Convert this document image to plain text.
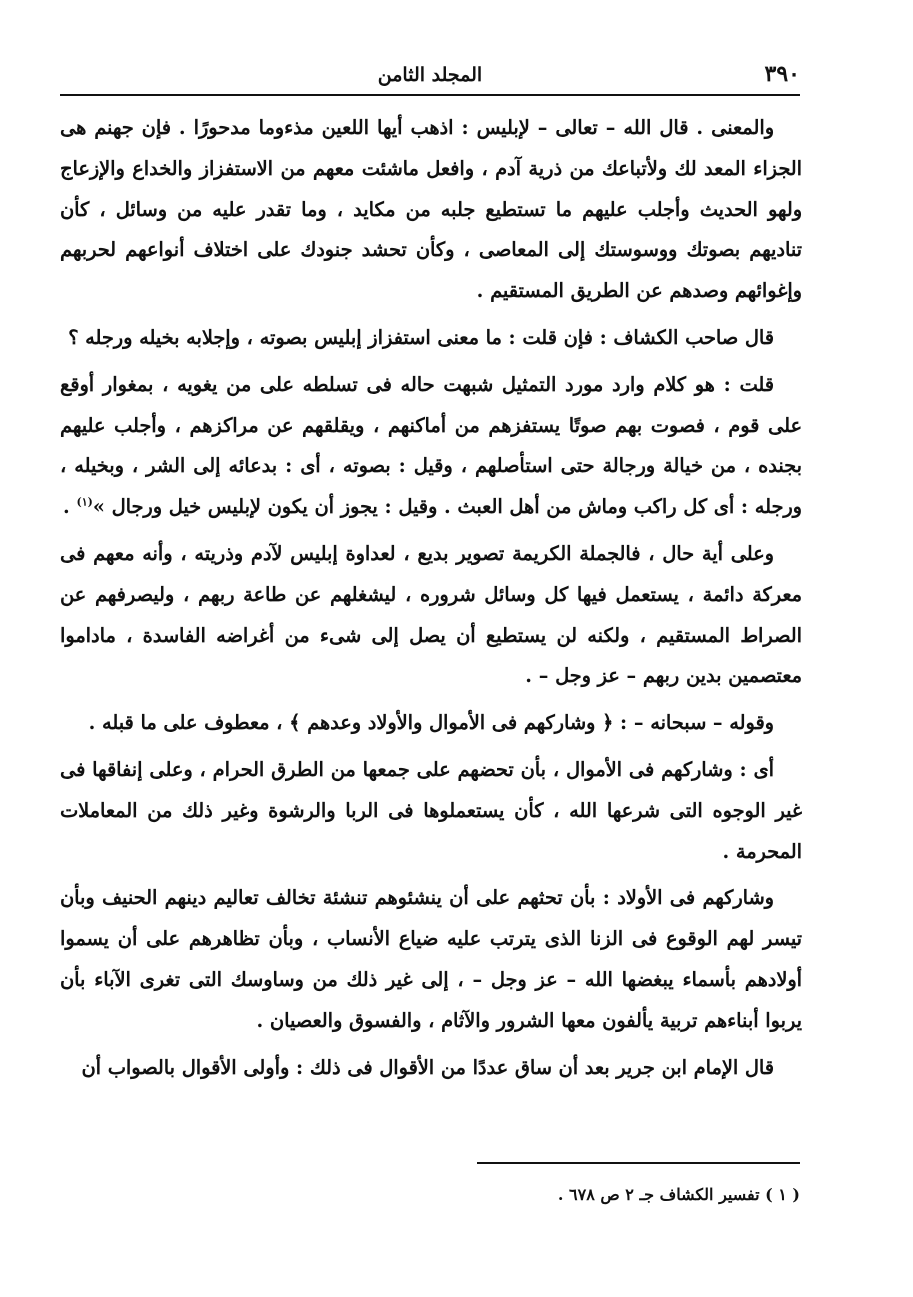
٣٩٠
المجلد الثامن

والمعنى . قال الله – تعالى – لإبليس : اذهب أيها اللعين مذءوما مدحورًا . فإن جهنم هى الجزاء المعد لك ولأتباعك من ذرية آدم ، وافعل ماشئت معهم من الاستفزاز والخداع والإزعاج ولهو الحديث وأجلب عليهم ما تستطيع جلبه من مكايد ، وما تقدر عليه من وسائل ، كأن تناديهم بصوتك ووسوستك إلى المعاصى ، وكأن تحشد جنودك على اختلاف أنواعهم لحربهم وإغوائهم وصدهم عن الطريق المستقيم .

قال صاحب الكشاف : فإن قلت : ما معنى استفزاز إبليس بصوته ، وإجلابه بخيله ورجله ؟

قلت : هو كلام وارد مورد التمثيل شبهت حاله فى تسلطه على من يغويه ، بمغوار أوقع على قوم ، فصوت بهم صوتًا يستفزهم من أماكنهم ، ويقلقهم عن مراكزهم ، وأجلب عليهم بجنده ، من خيالة ورجالة حتى استأصلهم ، وقيل : بصوته ، أى : بدعائه إلى الشر ، وبخيله ، ورجله : أى كل راكب وماش من أهل العبث . وقيل : يجوز أن يكون لإبليس خيل ورجال »$^{(١)}$ .

وعلى أية حال ، فالجملة الكريمة تصوير بديع ، لعداوة إبليس لآدم وذريته ، وأنه معهم فى معركة دائمة ، يستعمل فيها كل وسائل شروره ، ليشغلهم عن طاعة ربهم ، وليصرفهم عن الصراط المستقيم ، ولكنه لن يستطيع أن يصل إلى شىء من أغراضه الفاسدة ، ماداموا معتصمين بدين ربهم – عز وجل – .

وقوله – سبحانه – : ﴿ وشاركهم فى الأموال والأولاد وعدهم ﴾ ، معطوف على ما قبله .

أى : وشاركهم فى الأموال ، بأن تحضهم على جمعها من الطرق الحرام ، وعلى إنفاقها فى غير الوجوه التى شرعها الله ، كأن يستعملوها فى الربا والرشوة وغير ذلك من المعاملات المحرمة .

وشاركهم فى الأولاد : بأن تحثهم على أن ينشئوهم تنشئة تخالف تعاليم دينهم الحنيف وبأن تيسر لهم الوقوع فى الزنا الذى يترتب عليه ضياع الأنساب ، وبأن تظاهرهم على أن يسموا أولادهم بأسماء يبغضها الله – عز وجل – ، إلى غير ذلك من وساوسك التى تغرى الآباء بأن يربوا أبناءهم تربية يألفون معها الشرور والآثام ، والفسوق والعصيان .

قال الإمام ابن جرير بعد أن ساق عددًا من الأقوال فى ذلك : وأولى الأقوال بالصواب أن

( ١ ) تفسير الكشاف جـ ٢ ص ٦٧٨ .
